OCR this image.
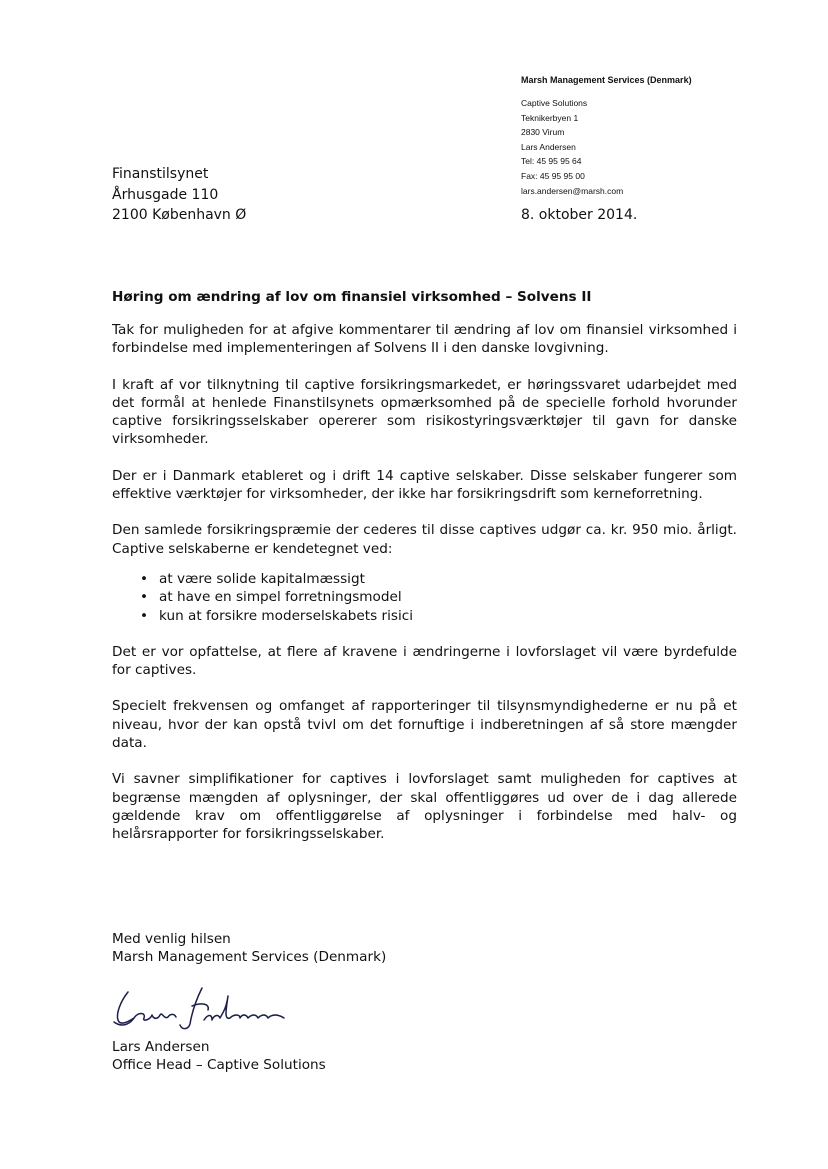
Marsh Management Services (Denmark)
Captive Solutions
Teknikerbyen 1
2830 Virum
Lars Andersen
Tel: 45 95 95 64
Fax: 45 95 95 00
lars.andersen@marsh.com
Finanstilsynet
Århusgade 110
2100 København Ø	8. oktober 2014.
Høring om ændring af lov om finansiel virksomhed – Solvens II

Tak for muligheden for at afgive kommentarer til ændring af lov om finansiel virksomhed i forbindelse med implementeringen af Solvens II i den danske lovgivning.

I kraft af vor tilknytning til captive forsikringsmarkedet, er høringssvaret udarbejdet med det formål at henlede Finanstilsynets opmærksomhed på de specielle forhold hvorunder captive forsikringsselskaber opererer som risikostyringsværktøjer til gavn for danske virksomheder.

Der er i Danmark etableret og i drift 14 captive selskaber. Disse selskaber fungerer som effektive værktøjer for virksomheder, der ikke har forsikringsdrift som kerneforretning.

Den samlede forsikringspræmie der cederes til disse captives udgør ca. kr. 950 mio. årligt. Captive selskaberne er kendetegnet ved:

• at være solide kapitalmæssigt
• at have en simpel forretningsmodel
• kun at forsikre moderselskabets risici

Det er vor opfattelse, at flere af kravene i ændringerne i lovforslaget vil være byrdefulde for captives.

Specielt frekvensen og omfanget af rapporteringer til tilsynsmyndighederne er nu på et niveau, hvor der kan opstå tvivl om det fornuftige i indberetningen af så store mængder data.

Vi savner simplifikationer for captives i lovforslaget samt muligheden for captives at begrænse mængden af oplysninger, der skal offentliggøres ud over de i dag allerede gældende krav om offentliggørelse af oplysninger i forbindelse med halv- og helårsrapporter for forsikringsselskaber.

Med venlig hilsen
Marsh Management Services (Denmark)
Lars Andersen
Office Head – Captive Solutions
